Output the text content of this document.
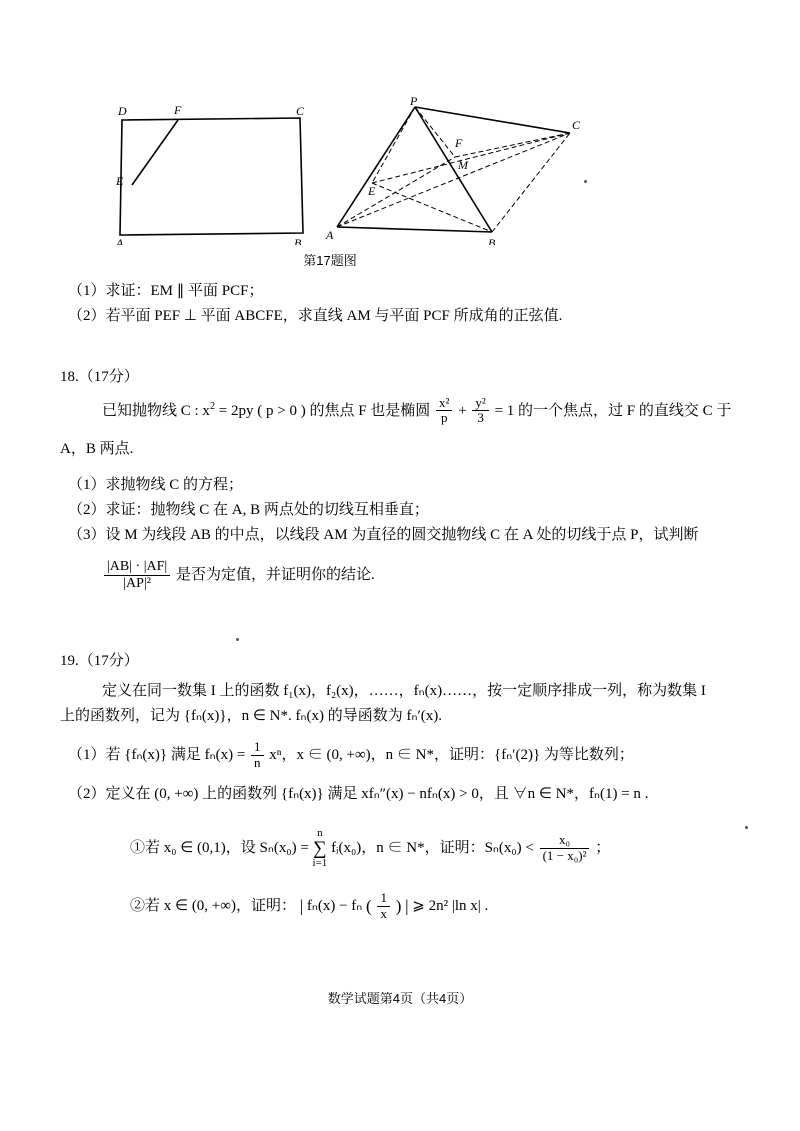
D	F	C
E
A	B
P
F
C
M
E
A
B
第17题图

（1）求证：EM ∥ 平面 PCF；

（2）若平面 PEF ⊥ 平面 ABCFE，求直线 AM 与平面 PCF 所成角的正弦值.

18.（17分）

已知抛物线 C : $x^2 = 2py$ ( p > 0 ) 的焦点 F 也是椭圆 $\frac{\text{x²}}{p} + \frac{\text{y²}}{3} = 1$ 的一个焦点，过 F 的直线交 C 于

A，B 两点.

（1）求抛物线 C 的方程；

（2）求证：抛物线 C 在 A, B 两点处的切线互相垂直；

（3）设 M 为线段 AB 的中点，以线段 AM 为直径的圆交抛物线 C 在 A 处的切线于点 P，试判断

$\frac{|AB| \cdot |AF|}{\text{|AP|²}}$ 是否为定值，并证明你的结论.

19.（17分）

定义在同一数集 I 上的函数 f₁(x)，f₂(x)，……，fₙ(x)……，按一定顺序排成一列，称为数集 I

上的函数列，记为 {fₙ(x)}，n ∈ N*. fₙ(x) 的导函数为 fₙ′(x).

（1）若 {fₙ(x)} 满足 $f_n(x) = \frac{1}{n}$ xⁿ，x ∈ (0, +∞)，n ∈ N*，证明：{fₙ′(2)} 为等比数列；

（2）定义在 (0, +∞) 上的函数列 {fₙ(x)} 满足 xfₙ″(x) − nfₙ(x) > 0，且 ∀n ∈ N*，fₙ(1) = n .

①若 x₀ ∈ (0,1)，设 Sₙ(x₀) =
n
∑
i=1
fᵢ(x₀)，n ∈ N*，证明：$S_n(x_0) < \frac{\text{x₀}}{\text{(1 − x₀)²}}$ ；

②若 x ∈ (0, +∞)，证明： | fₙ(x) − fₙ ( $\frac{1}{x}$ ) | ⩾ 2n² |ln x| .

数学试题第4页（共4页）
